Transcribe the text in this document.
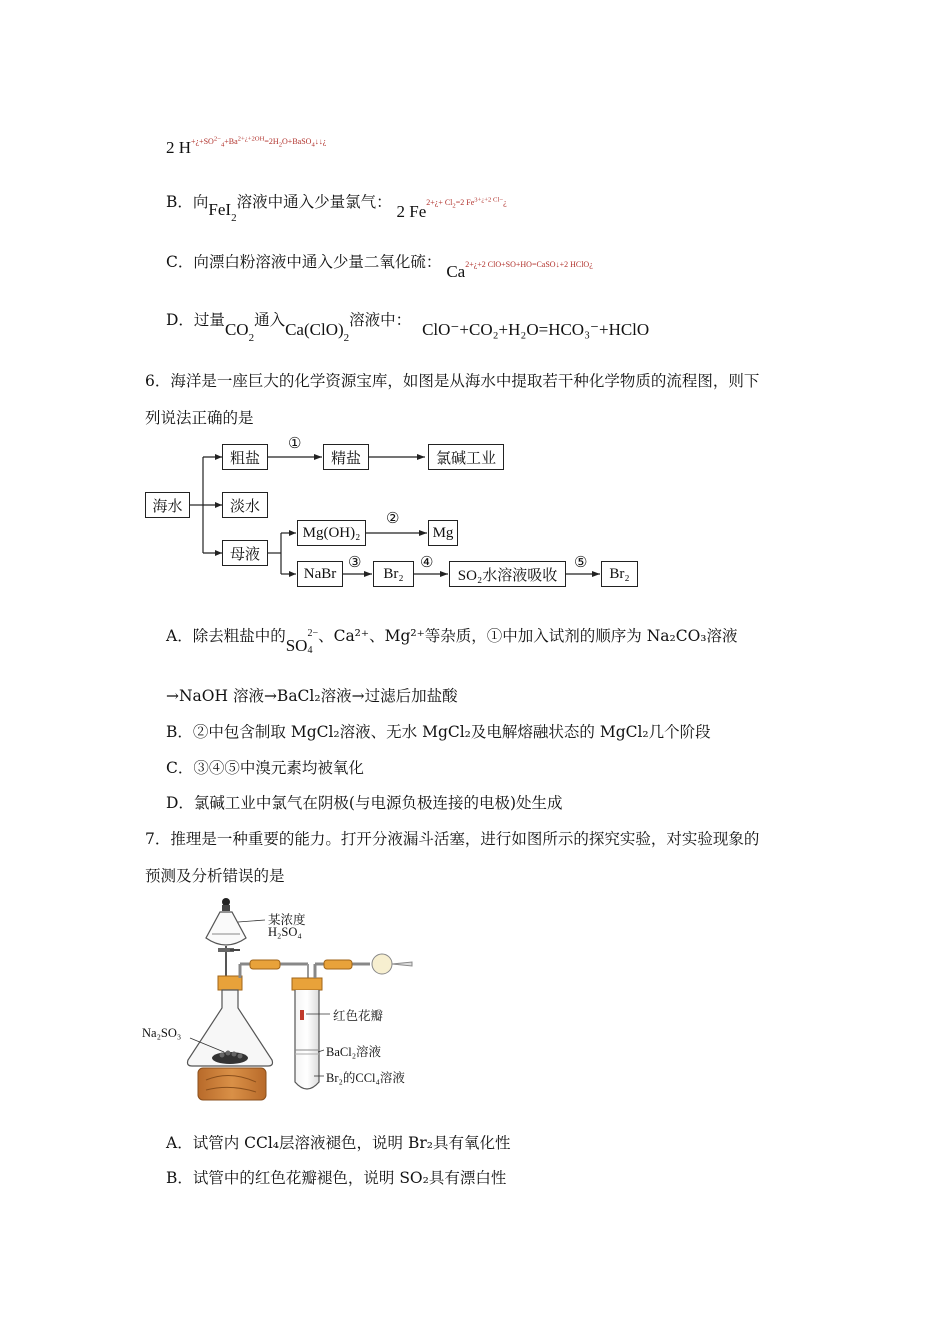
2 $H^{+¿+SO^{2-}_4+Ba^{2+¿+2OH}=2H_2O+BaSO_4↓↓¿}$
B．向FeI$_2$溶液中通入少量氯气： 2 Fe2+¿+ $Cl_2=2$ $Fe^{3+¿+2 Cl-}¿$
C．向漂白粉溶液中通入少量二氧化硫： Ca2+¿+2 ClO+SO+HO=CaSO↓+2 HClO¿
D．过量$CO_2$通入$Ca(ClO)_2$溶液中： ClO⁻+CO₂+H₂O=HCO₃⁻+HClO
6．海洋是一座巨大的化学资源宝库，如图是从海水中提取若干种化学物质的流程图，则下
列说法正确的是
海水
粗盐	精盐	氯碱工业
淡水
母液
Mg(OH)₂	Mg
NaBr	Br₂	SO₂水溶液吸收	Br₂
①
②
③	④	⑤
A．除去粗盐中的SO
2−
4
、Ca²⁺、Mg²⁺等杂质，①中加入试剂的顺序为 Na₂CO₃溶液
→NaOH 溶液→BaCl₂溶液→过滤后加盐酸
B．②中包含制取 MgCl₂溶液、无水 MgCl₂及电解熔融状态的 MgCl₂几个阶段
C．③④⑤中溴元素均被氧化
D．氯碱工业中氯气在阴极(与电源负极连接的电极)处生成
7．推理是一种重要的能力。打开分液漏斗活塞，进行如图所示的探究实验，对实验现象的
预测及分析错误的是
某浓度
H₂SO₄
Na₂SO₃
红色花瓣
BaCl₂溶液
Br₂的CCl₄溶液
A．试管内 CCl₄层溶液褪色，说明 Br₂具有氧化性
B．试管中的红色花瓣褪色，说明 SO₂具有漂白性
